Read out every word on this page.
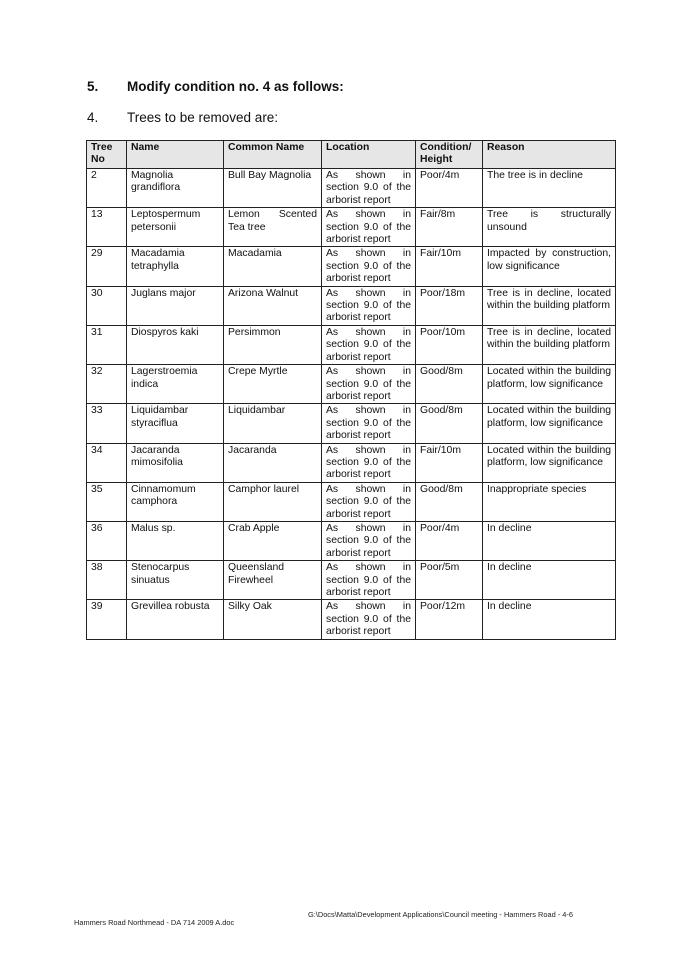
5. Modify condition no. 4 as follows:
4. Trees to be removed are:
Tree No	Name	Common Name	Location	Condition/ Height	Reason
2	Magnolia grandiflora	Bull Bay Magnolia	As shown in section 9.0 of the arborist report	Poor/4m	The tree is in decline
13	Leptospermum petersonii	Lemon Scented Tea tree	As shown in section 9.0 of the arborist report	Fair/8m	Tree is structurally unsound
29	Macadamia tetraphylla	Macadamia	As shown in section 9.0 of the arborist report	Fair/10m	Impacted by construction, low significance
30	Juglans major	Arizona Walnut	As shown in section 9.0 of the arborist report	Poor/18m	Tree is in decline, located within the building platform
31	Diospyros kaki	Persimmon	As shown in section 9.0 of the arborist report	Poor/10m	Tree is in decline, located within the building platform
32	Lagerstroemia indica	Crepe Myrtle	As shown in section 9.0 of the arborist report	Good/8m	Located within the building platform, low significance
33	Liquidambar styraciflua	Liquidambar	As shown in section 9.0 of the arborist report	Good/8m	Located within the building platform, low significance
34	Jacaranda mimosifolia	Jacaranda	As shown in section 9.0 of the arborist report	Fair/10m	Located within the building platform, low significance
35	Cinnamomum camphora	Camphor laurel	As shown in section 9.0 of the arborist report	Good/8m	Inappropriate species
36	Malus sp.	Crab Apple	As shown in section 9.0 of the arborist report	Poor/4m	In decline
38	Stenocarpus sinuatus	Queensland Firewheel	As shown in section 9.0 of the arborist report	Poor/5m	In decline
39	Grevillea robusta	Silky Oak	As shown in section 9.0 of the arborist report	Poor/12m	In decline
Hammers Road Northmead - DA 714 2009 A.doc
G:\Docs\Matta\Development Applications\Council meeting - Hammers Road - 4-6
